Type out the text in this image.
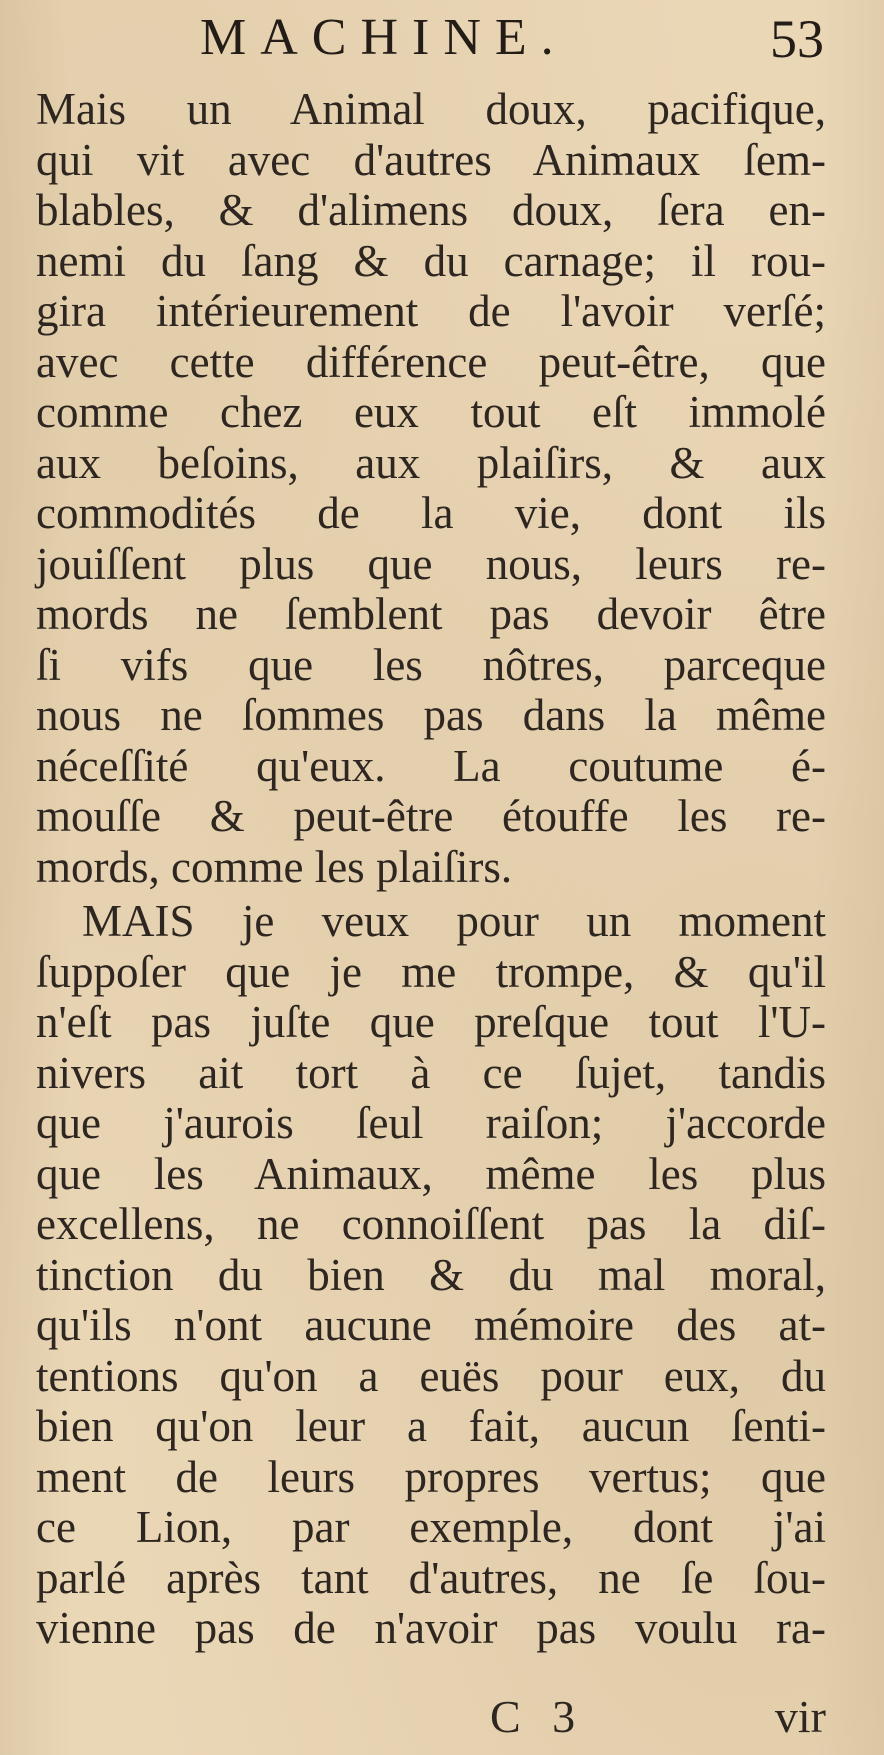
MACHINE.	53
Mais un Animal doux, pacifique,
qui vit avec d'autres Animaux ſem-
blables, & d'alimens doux, ſera en-
nemi du ſang & du carnage; il rou-
gira intérieurement de l'avoir verſé;
avec cette différence peut-être, que
comme chez eux tout eſt immolé
aux beſoins, aux plaiſirs, & aux
commodités de la vie, dont ils
jouiſſent plus que nous, leurs re-
mords ne ſemblent pas devoir être
ſi vifs que les nôtres, parceque
nous ne ſommes pas dans la même
néceſſité qu'eux. La coutume é-
mouſſe & peut-être étouffe les re-
mords, comme les plaiſirs.
MAIS je veux pour un moment
ſuppoſer que je me trompe, & qu'il
n'eſt pas juſte que preſque tout l'U-
nivers ait tort à ce ſujet, tandis
que j'aurois ſeul raiſon; j'accorde
que les Animaux, même les plus
excellens, ne connoiſſent pas la diſ-
tinction du bien & du mal moral,
qu'ils n'ont aucune mémoire des at-
tentions qu'on a euës pour eux, du
bien qu'on leur a fait, aucun ſenti-
ment de leurs propres vertus; que
ce Lion, par exemple, dont j'ai
parlé après tant d'autres, ne ſe ſou-
vienne pas de n'avoir pas voulu ra-
C 3	vir
